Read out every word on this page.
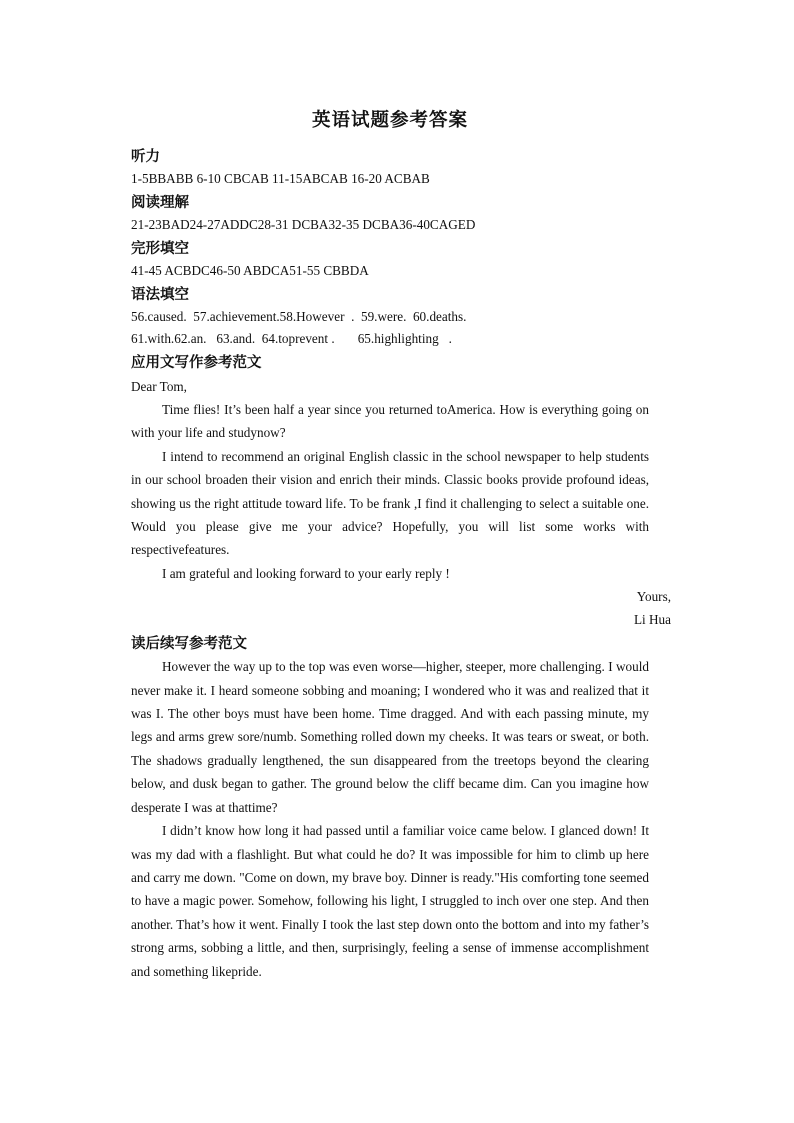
英语试题参考答案
听力
1-5BBABB 6-10 CBCAB 11-15ABCAB 16-20 ACBAB
阅读理解
21-23BAD24-27ADDC28-31 DCBA32-35 DCBA36-40CAGED
完形填空
41-45 ACBDC46-50 ABDCA51-55 CBBDA
语法填空
56.caused.  57.achievement.58.However  .  59.were.  60.deaths.
61.with.62.an.   63.and.  64.toprevent .       65.highlighting   .
应用文写作参考范文
Dear Tom,

Time flies! It’s been half a year since you returned toAmerica. How is everything going on with your life and studynow?

I intend to recommend an original English classic in the school newspaper to help students in our school broaden their vision and enrich their minds. Classic books provide profound ideas, showing us the right attitude toward life. To be frank ,I find it challenging to select a suitable one. Would you please give me your advice? Hopefully, you will list some works with respectivefeatures.

I am grateful and looking forward to your early reply !

Yours,
Li Hua
读后续写参考范文

However the way up to the top was even worse—higher, steeper, more challenging. I would never make it. I heard someone sobbing and moaning; I wondered who it was and realized that it was I. The other boys must have been home. Time dragged. And with each passing minute, my legs and arms grew sore/numb. Something rolled down my cheeks. It was tears or sweat, or both. The shadows gradually lengthened, the sun disappeared from the treetops beyond the clearing below, and dusk began to gather. The ground below the cliff became dim. Can you imagine how desperate I was at thattime?

I didn’t know how long it had passed until a familiar voice came below. I glanced down! It was my dad with a flashlight. But what could he do? It was impossible for him to climb up here and carry me down. "Come on down, my brave boy. Dinner is ready."His comforting tone seemed to have a magic power. Somehow, following his light, I struggled to inch over one step. And then another. That’s how it went. Finally I took the last step down onto the bottom and into my father’s strong arms, sobbing a little, and then, surprisingly, feeling a sense of immense accomplishment and something likepride.
